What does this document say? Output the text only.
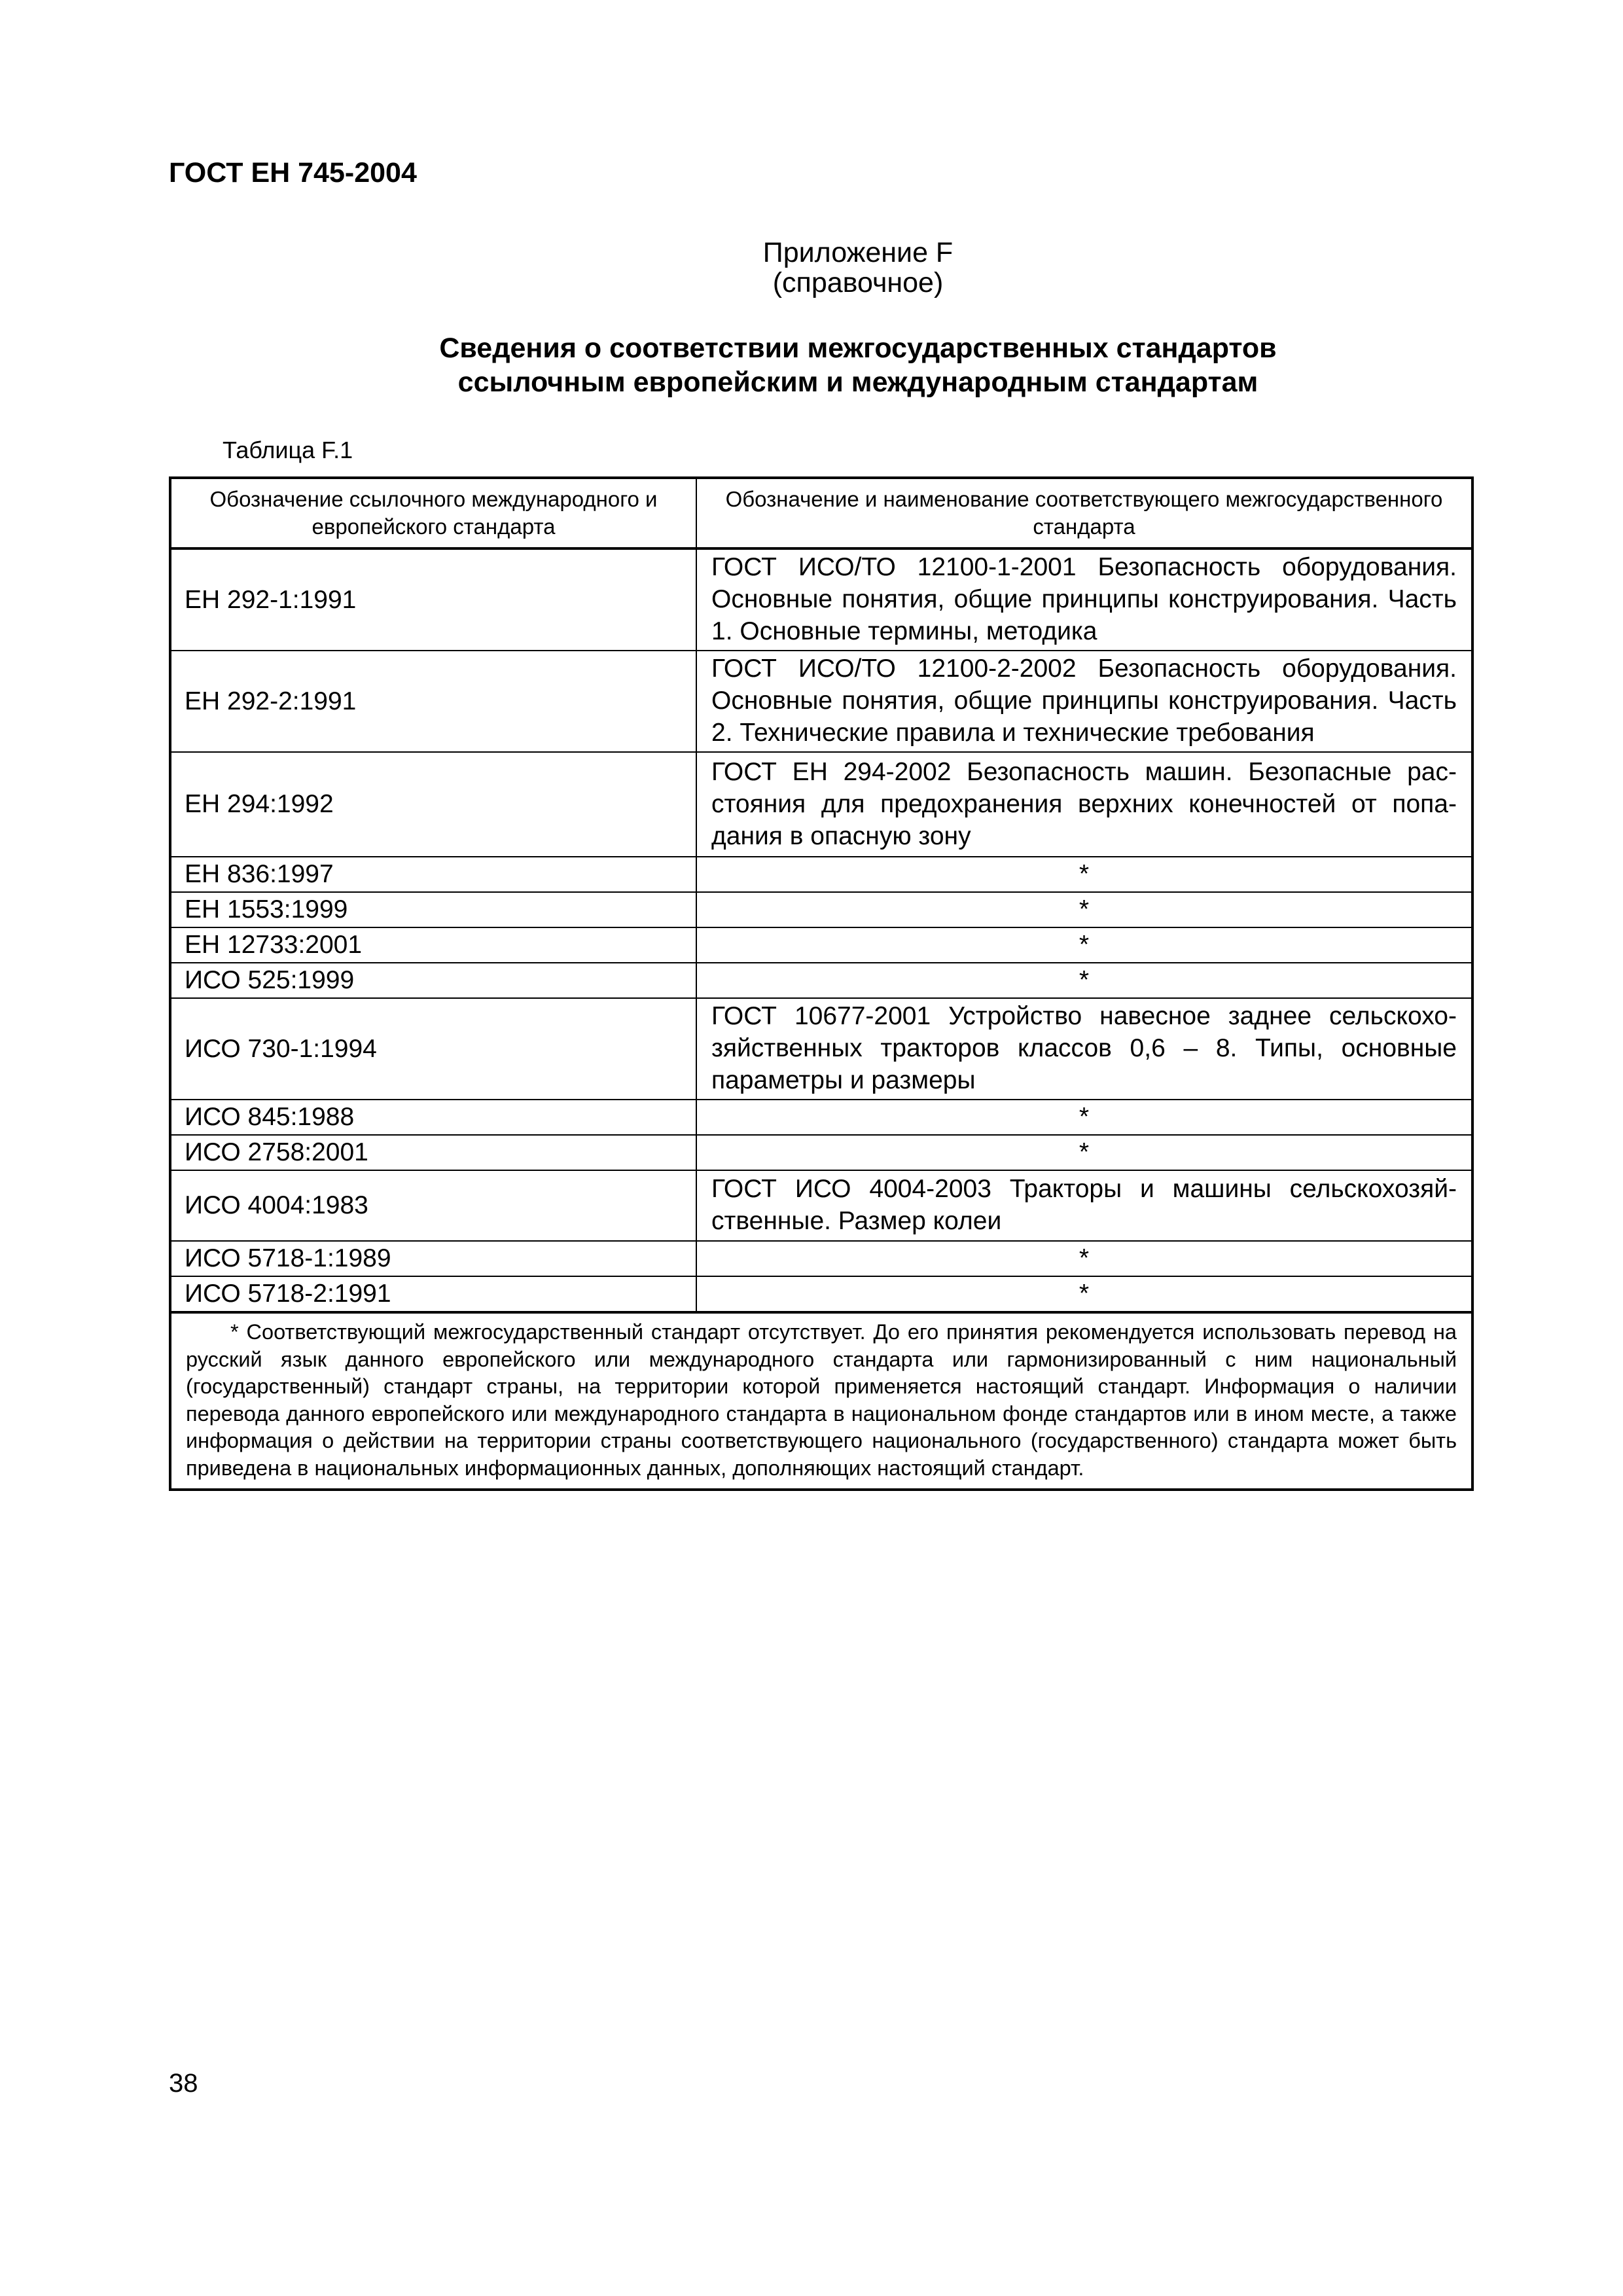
ГОСТ ЕН 745-2004
Приложение F
(справочное)
Сведения о соответствии межгосударственных стандартов
ссылочным европейским и международным стандартам
Таблица F.1
Обозначение ссылочного международного и европейского стандарта	Обозначение и наименование соответствующего межгосударственного стандарта
ЕН 292-1:1991	ГОСТ ИСО/ТО 12100-1-2001 Безопасность оборудования. Основные понятия, общие принципы конструирования. Часть 1. Основные термины, методика
ЕН 292-2:1991	ГОСТ ИСО/ТО 12100-2-2002 Безопасность оборудования. Основные понятия, общие принципы конструирования. Часть 2. Технические правила и технические требования
ЕН 294:1992	ГОСТ ЕН 294-2002 Безопасность машин. Безопасные расстояния для предохранения верхних конечностей от попадания в опасную зону
ЕН 836:1997	*
ЕН 1553:1999	*
ЕН 12733:2001	*
ИСО 525:1999	*
ИСО 730-1:1994	ГОСТ 10677-2001 Устройство навесное заднее сельскохозяйственных тракторов классов 0,6 – 8. Типы, основные параметры и размеры
ИСО 845:1988	*
ИСО 2758:2001	*
ИСО 4004:1983	ГОСТ ИСО 4004-2003 Тракторы и машины сельскохозяйственные. Размер колеи
ИСО 5718-1:1989	*
ИСО 5718-2:1991	*
* Соответствующий межгосударственный стандарт отсутствует. До его принятия рекомендуется использовать перевод на русский язык данного европейского или международного стандарта или гармонизированный с ним национальный (государственный) стандарт страны, на территории которой применяется настоящий стандарт. Информация о наличии перевода данного европейского или международного стандарта в национальном фонде стандартов или в ином месте, а также информация о действии на территории страны соответствующего национального (государственного) стандарта может быть приведена в национальных информационных данных, дополняющих настоящий стандарт.	
38
